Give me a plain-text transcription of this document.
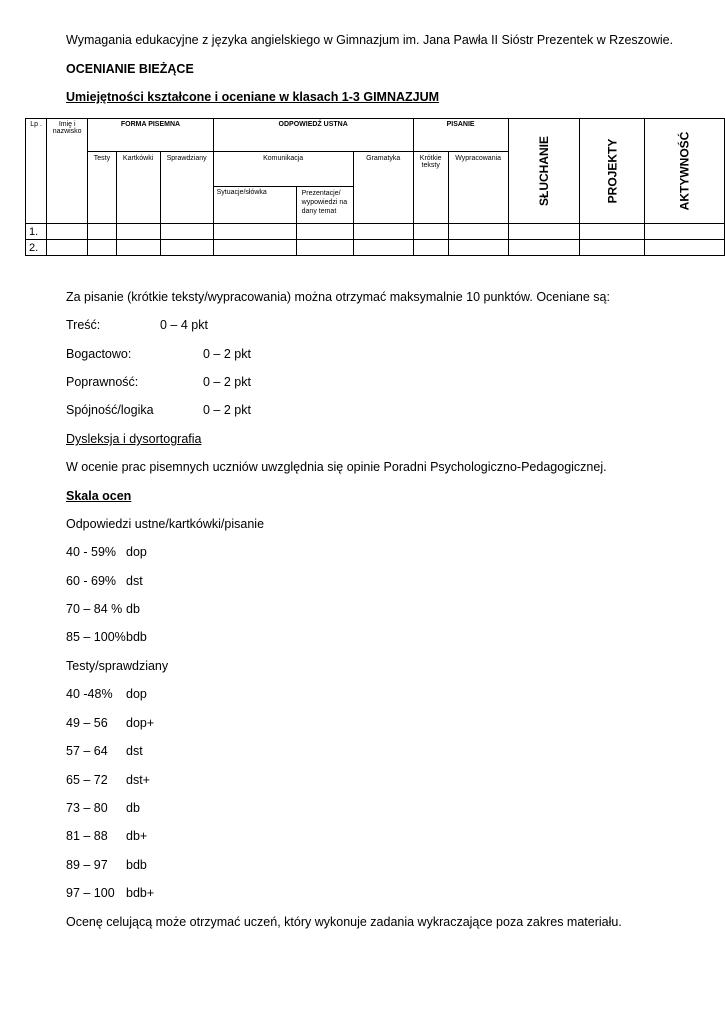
Wymagania edukacyjne z języka angielskiego w Gimnazjum im. Jana Pawła II Sióstr Prezentek w Rzeszowie.
OCENIANIE BIEŻĄCE
Umiejętności kształcone i oceniane w klasach 1-3 GIMNAZJUM
Lp .	Imię i nazwisko	FORMA PISEMNA			ODPOWIEDŹ USTNA			PISANIE		SŁUCHANIE	PROJEKTY	AKTYWNOŚĆ
		Testy	Kartkówki	Sprawdziany	Komunikacja		Gramatyka	Krótkie teksty	Wypracowania			
					Sytuacje/słówka	Prezentacje/ wypowiedzi na dany temat						
1.												
2.												
Za pisanie (krótkie teksty/wypracowania) można otrzymać maksymalnie 10 punktów. Oceniane są:
Treść:	0 – 4 pkt
Bogactowo:	0 – 2 pkt
Poprawność:	0 – 2 pkt
Spójność/logika	0 – 2 pkt
Dysleksja i dysortografia
W ocenie prac pisemnych uczniów uwzględnia się opinie Poradni Psychologiczno-Pedagogicznej.
Skala ocen
Odpowiedzi ustne/kartkówki/pisanie
40 - 59% dop
60 - 69% dst
70 – 84 % db
85 – 100% bdb
Testy/sprawdziany
40 -48% dop
49 – 56 dop+
57 – 64 dst
65 – 72 dst+
73 – 80 db
81 – 88 db+
89 – 97 bdb
97 – 100 bdb+
Ocenę celującą może otrzymać uczeń, który wykonuje zadania wykraczające poza zakres materiału.
